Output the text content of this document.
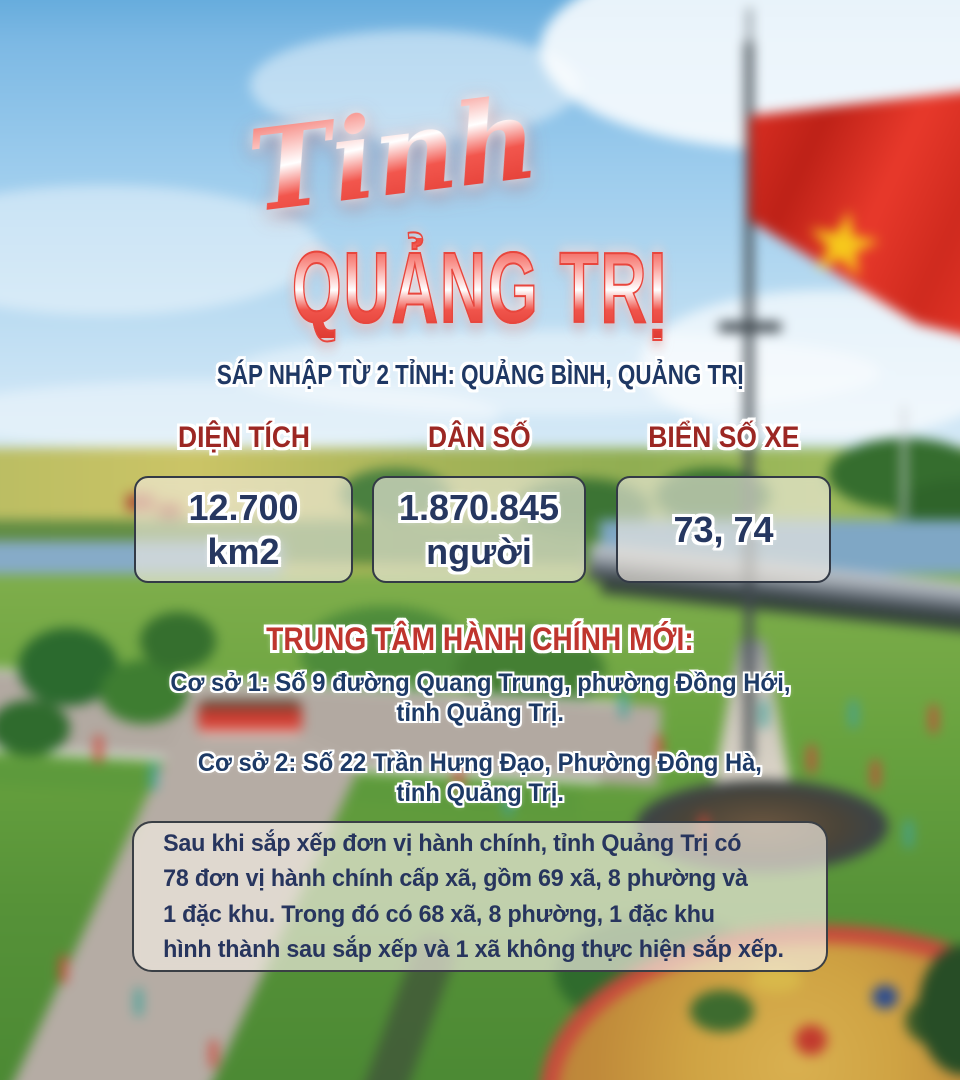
Tỉnh
QUẢNG TRỊ
SÁP NHẬP TỪ 2 TỈNH: QUẢNG BÌNH, QUẢNG TRỊ
DIỆN TÍCH	DÂN SỐ	BIỂN SỐ XE
12.700
km2
1.870.845
người
73, 74
TRUNG TÂM HÀNH CHÍNH MỚI:
Cơ sở 1: Số 9 đường Quang Trung, phường Đồng Hới,
tỉnh Quảng Trị.
Cơ sở 2: Số 22 Trần Hưng Đạo, Phường Đông Hà,
tỉnh Quảng Trị.
Sau khi sắp xếp đơn vị hành chính, tỉnh Quảng Trị có
78 đơn vị hành chính cấp xã, gồm 69 xã, 8 phường và
1 đặc khu. Trong đó có 68 xã, 8 phường, 1 đặc khu
hình thành sau sắp xếp và 1 xã không thực hiện sắp xếp.
